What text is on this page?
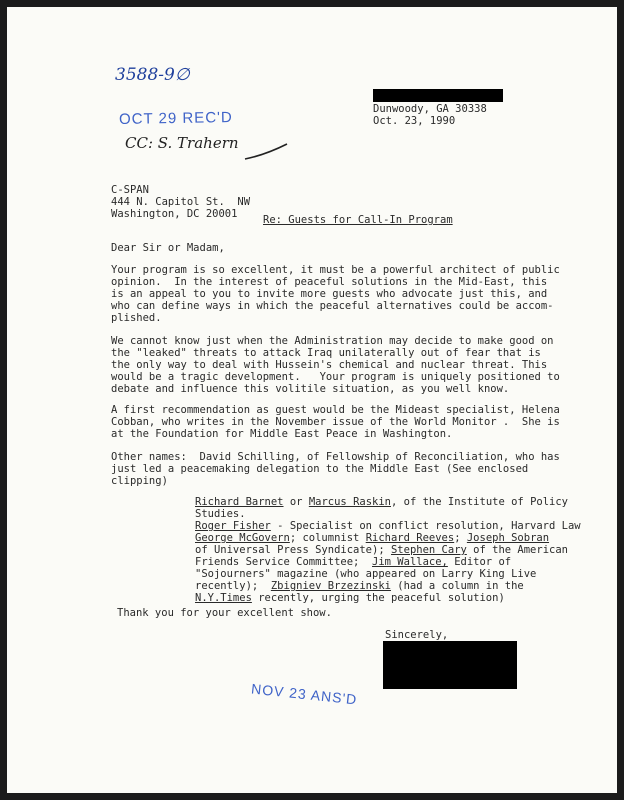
3588-9∅
OCT 29 REC'D
CC: S. Trahern
Dunwoody, GA 30338
Oct. 23, 1990
C-SPAN
444 N. Capitol St.  NW
Washington, DC 20001	Re: Guests for Call-In Program
Dear Sir or Madam,
Your program is so excellent, it must be a powerful architect of public
opinion.  In the interest of peaceful solutions in the Mid-East, this
is an appeal to you to invite more guests who advocate just this, and
who can define ways in which the peaceful alternatives could be accom-
plished.
We cannot know just when the Administration may decide to make good on
the "leaked" threats to attack Iraq unilaterally out of fear that is
the only way to deal with Hussein's chemical and nuclear threat. This
would be a tragic development.   Your program is uniquely positioned to
debate and influence this volitile situation, as you well know.
A first recommendation as guest would be the Mideast specialist, Helena
Cobban, who writes in the November issue of the World Monitor .  She is
at the Foundation for Middle East Peace in Washington.
Other names:  David Schilling, of Fellowship of Reconciliation, who has
just led a peacemaking delegation to the Middle East (See enclosed
clipping)
Richard Barnet or Marcus Raskin, of the Institute of Policy
Studies.
Roger Fisher - Specialist on conflict resolution, Harvard Law
George McGovern; columnist Richard Reeves; Joseph Sobran
of Universal Press Syndicate); Stephen Cary of the American
Friends Service Committee;  Jim Wallace, Editor of
"Sojourners" magazine (who appeared on Larry King Live
recently);  Zbigniev Brzezinski (had a column in the
N.Y.Times recently, urging the peaceful solution)
Thank you for your excellent show.
Sincerely,
NOV 23 ANS'D
